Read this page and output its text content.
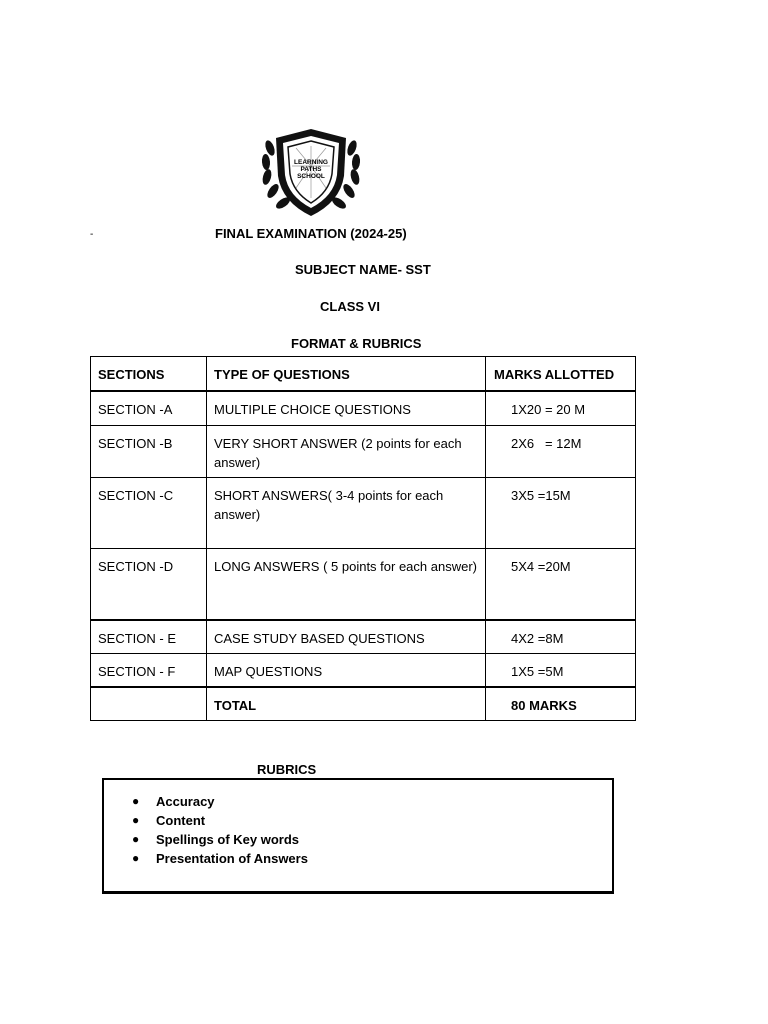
LEARNING
PATHS
SCHOOL
-	FINAL EXAMINATION (2024-25)
SUBJECT NAME- SST
CLASS VI
FORMAT & RUBRICS
SECTIONS	TYPE OF QUESTIONS	MARKS ALLOTTED
SECTION -A	MULTIPLE CHOICE QUESTIONS	1X20 = 20 M
SECTION -B	VERY SHORT ANSWER (2 points for each answer)	2X6   = 12M
SECTION -C	SHORT ANSWERS( 3-4 points for each answer)	3X5 =15M
SECTION -D	LONG ANSWERS ( 5 points for each answer)	5X4 =20M
SECTION - E	CASE STUDY BASED QUESTIONS	4X2 =8M
SECTION - F	MAP QUESTIONS	1X5 =5M
	TOTAL	80 MARKS
RUBRICS
● Accuracy
● Content
● Spellings of Key words
● Presentation of Answers
